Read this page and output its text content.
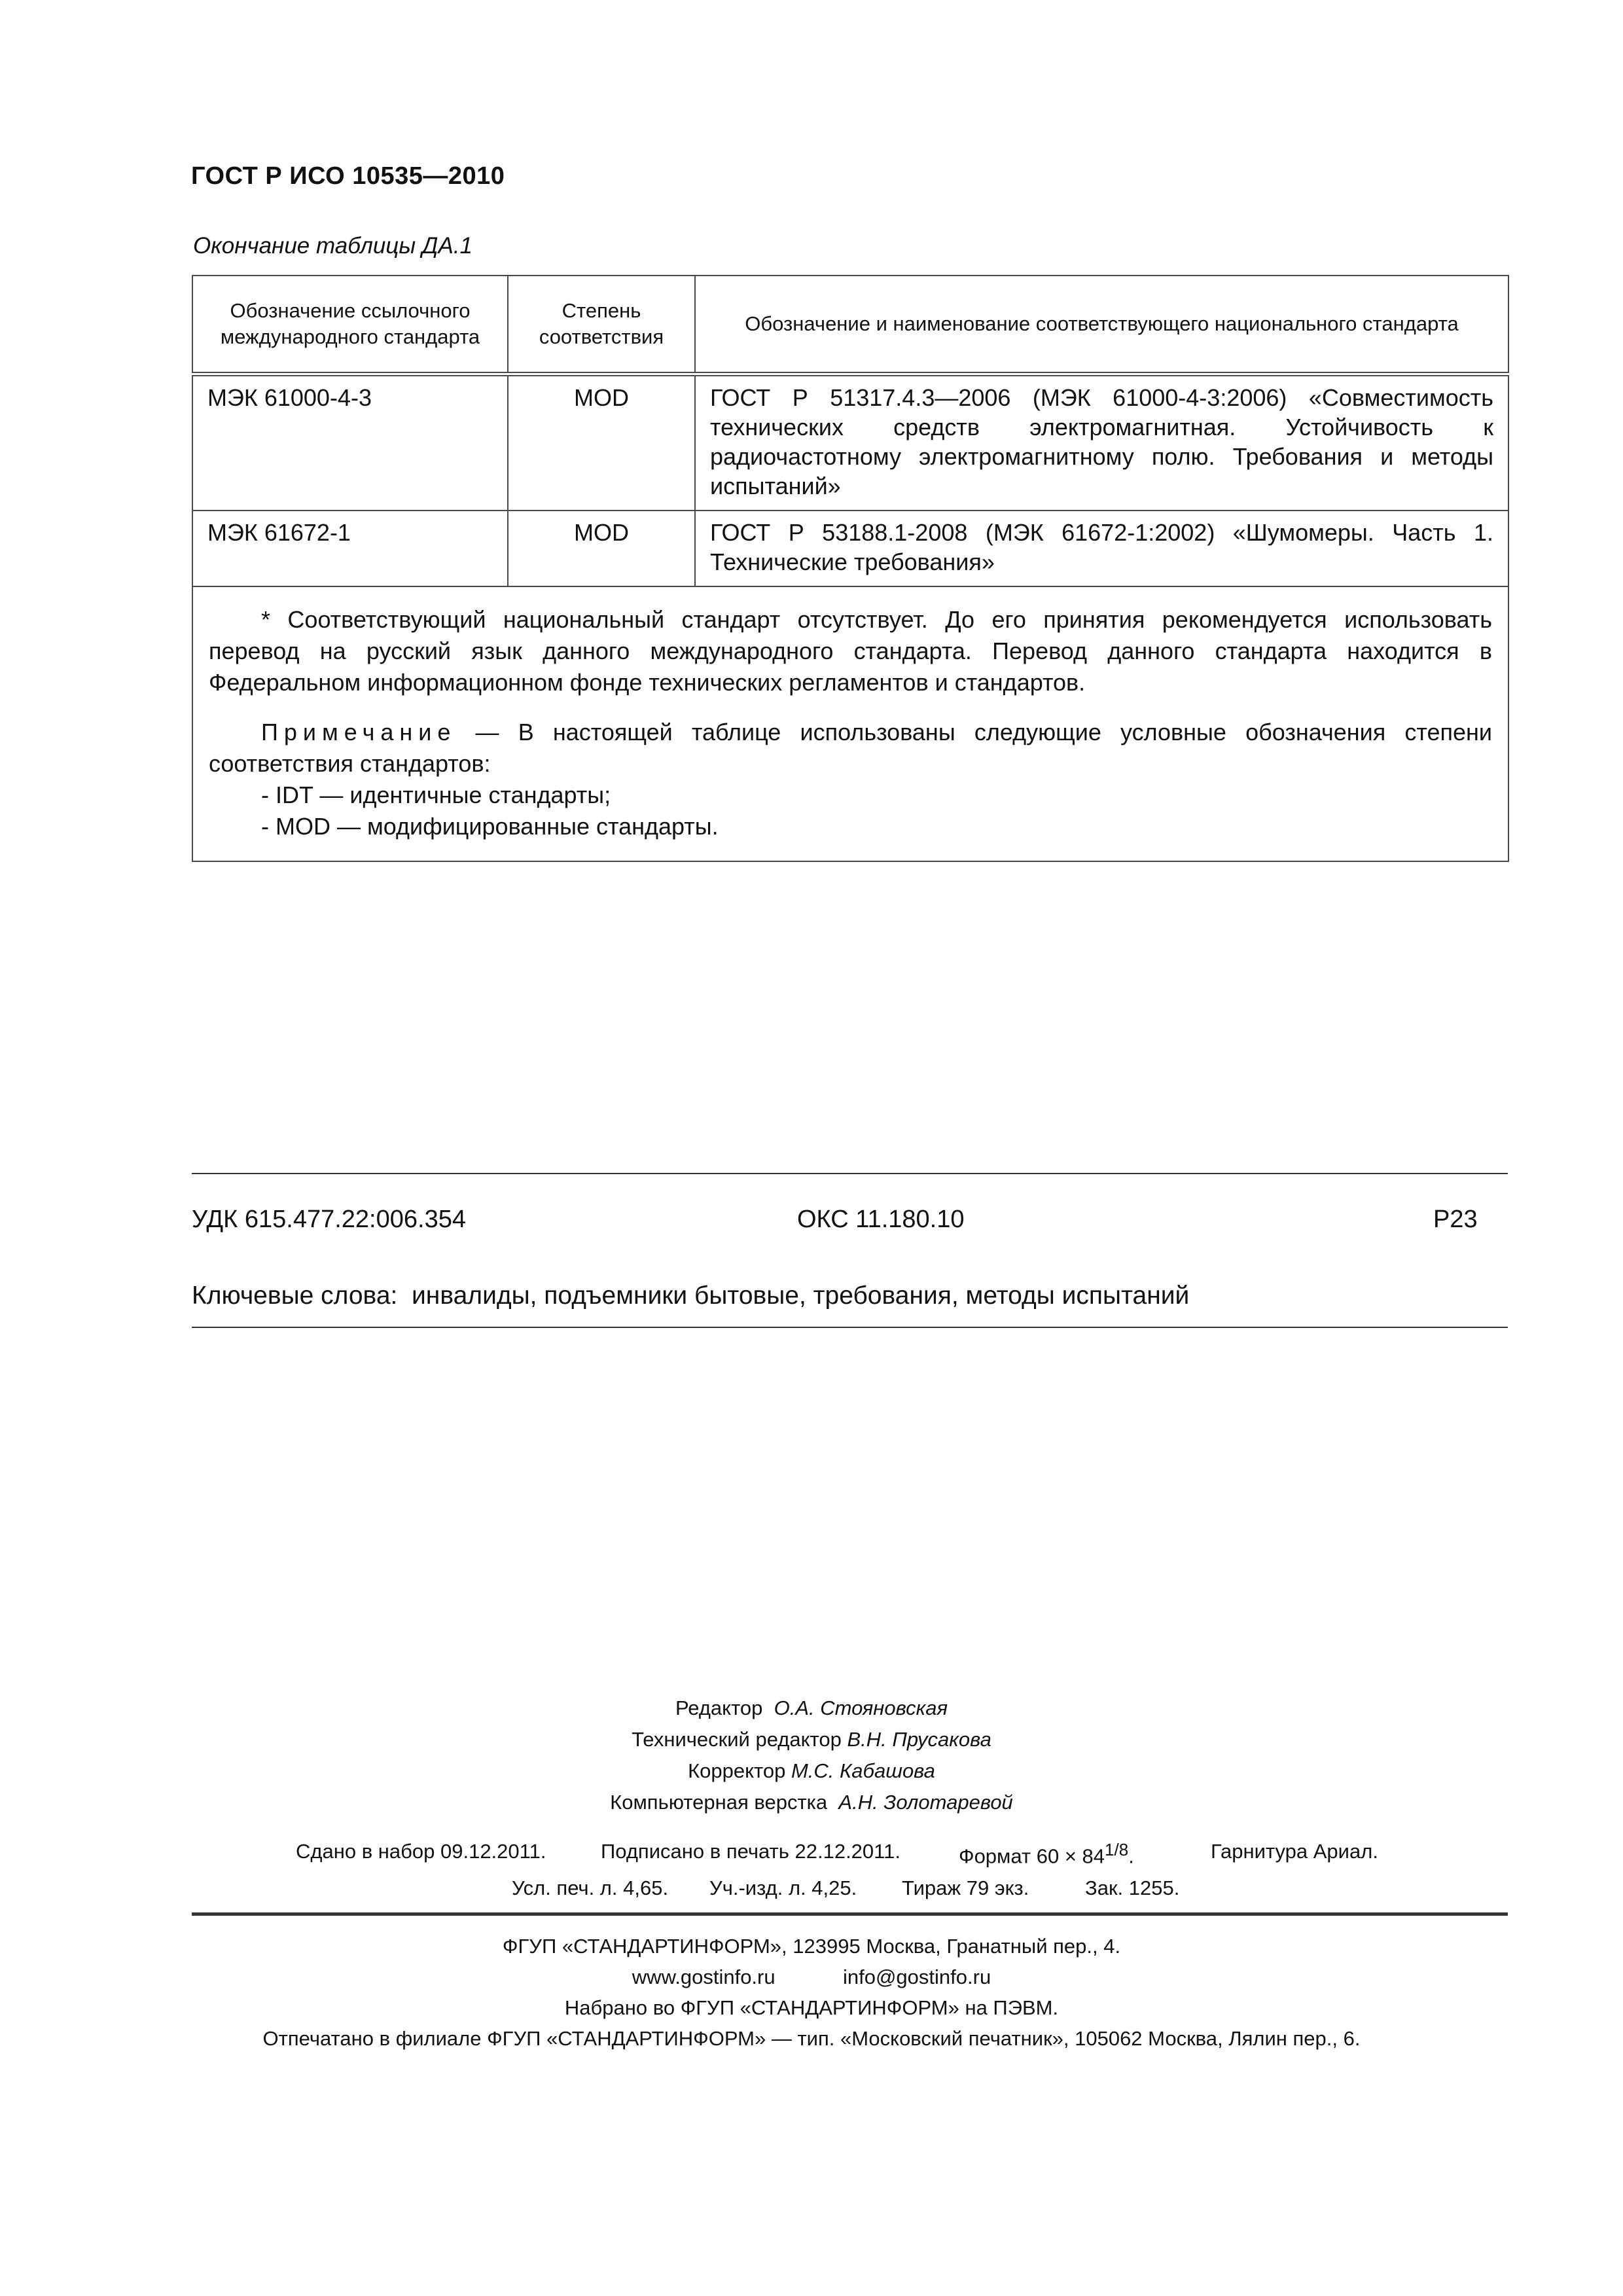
ГОСТ Р ИСО 10535—2010
Окончание таблицы ДА.1
Обозначение ссылочного международного стандарта	Степень соответствия	Обозначение и наименование соответствующего национального стандарта
МЭК 61000-4-3	MOD	ГОСТ Р 51317.4.3—2006 (МЭК 61000-4-3:2006) «Совместимость технических средств электромагнитная. Устойчивость к радиочастотному электромагнитному полю. Требования и методы испытаний»
МЭК 61672-1	MOD	ГОСТ Р 53188.1-2008 (МЭК 61672-1:2002) «Шумомеры. Часть 1. Технические требования»

* Соответствующий национальный стандарт отсутствует. До его принятия рекомендуется использовать перевод на русский язык данного международного стандарта. Перевод данного стандарта находится в Федеральном информационном фонде технических регламентов и стандартов.

Примечание — В настоящей таблице использованы следующие условные обозначения степени соответствия стандартов:

- IDT — идентичные стандарты;

- MOD — модифицированные стандарты.		

УДК 615.477.22:006.354	ОКС 11.180.10	Р23
Ключевые слова: инвалиды, подъемники бытовые, требования, методы испытаний
Редактор О.А. Стояновская
Технический редактор В.Н. Прусакова
Корректор М.С. Кабашова
Компьютерная верстка А.Н. Золотаревой
Сдано в набор 09.12.2011.	Подписано в печать 22.12.2011.	Формат $60 \times 84^{1/8}$.	Гарнитура Ариал.
Усл. печ. л. 4,65. Уч.-изд. л. 4,25. Тираж 79 экз.	Зак. 1255.
ФГУП «СТАНДАРТИНФОРМ», 123995 Москва, Гранатный пер., 4.
www.gostinfo.ru	info@gostinfo.ru
Набрано во ФГУП «СТАНДАРТИНФОРМ» на ПЭВМ.
Отпечатано в филиале ФГУП «СТАНДАРТИНФОРМ» — тип. «Московский печатник», 105062 Москва, Лялин пер., 6.
